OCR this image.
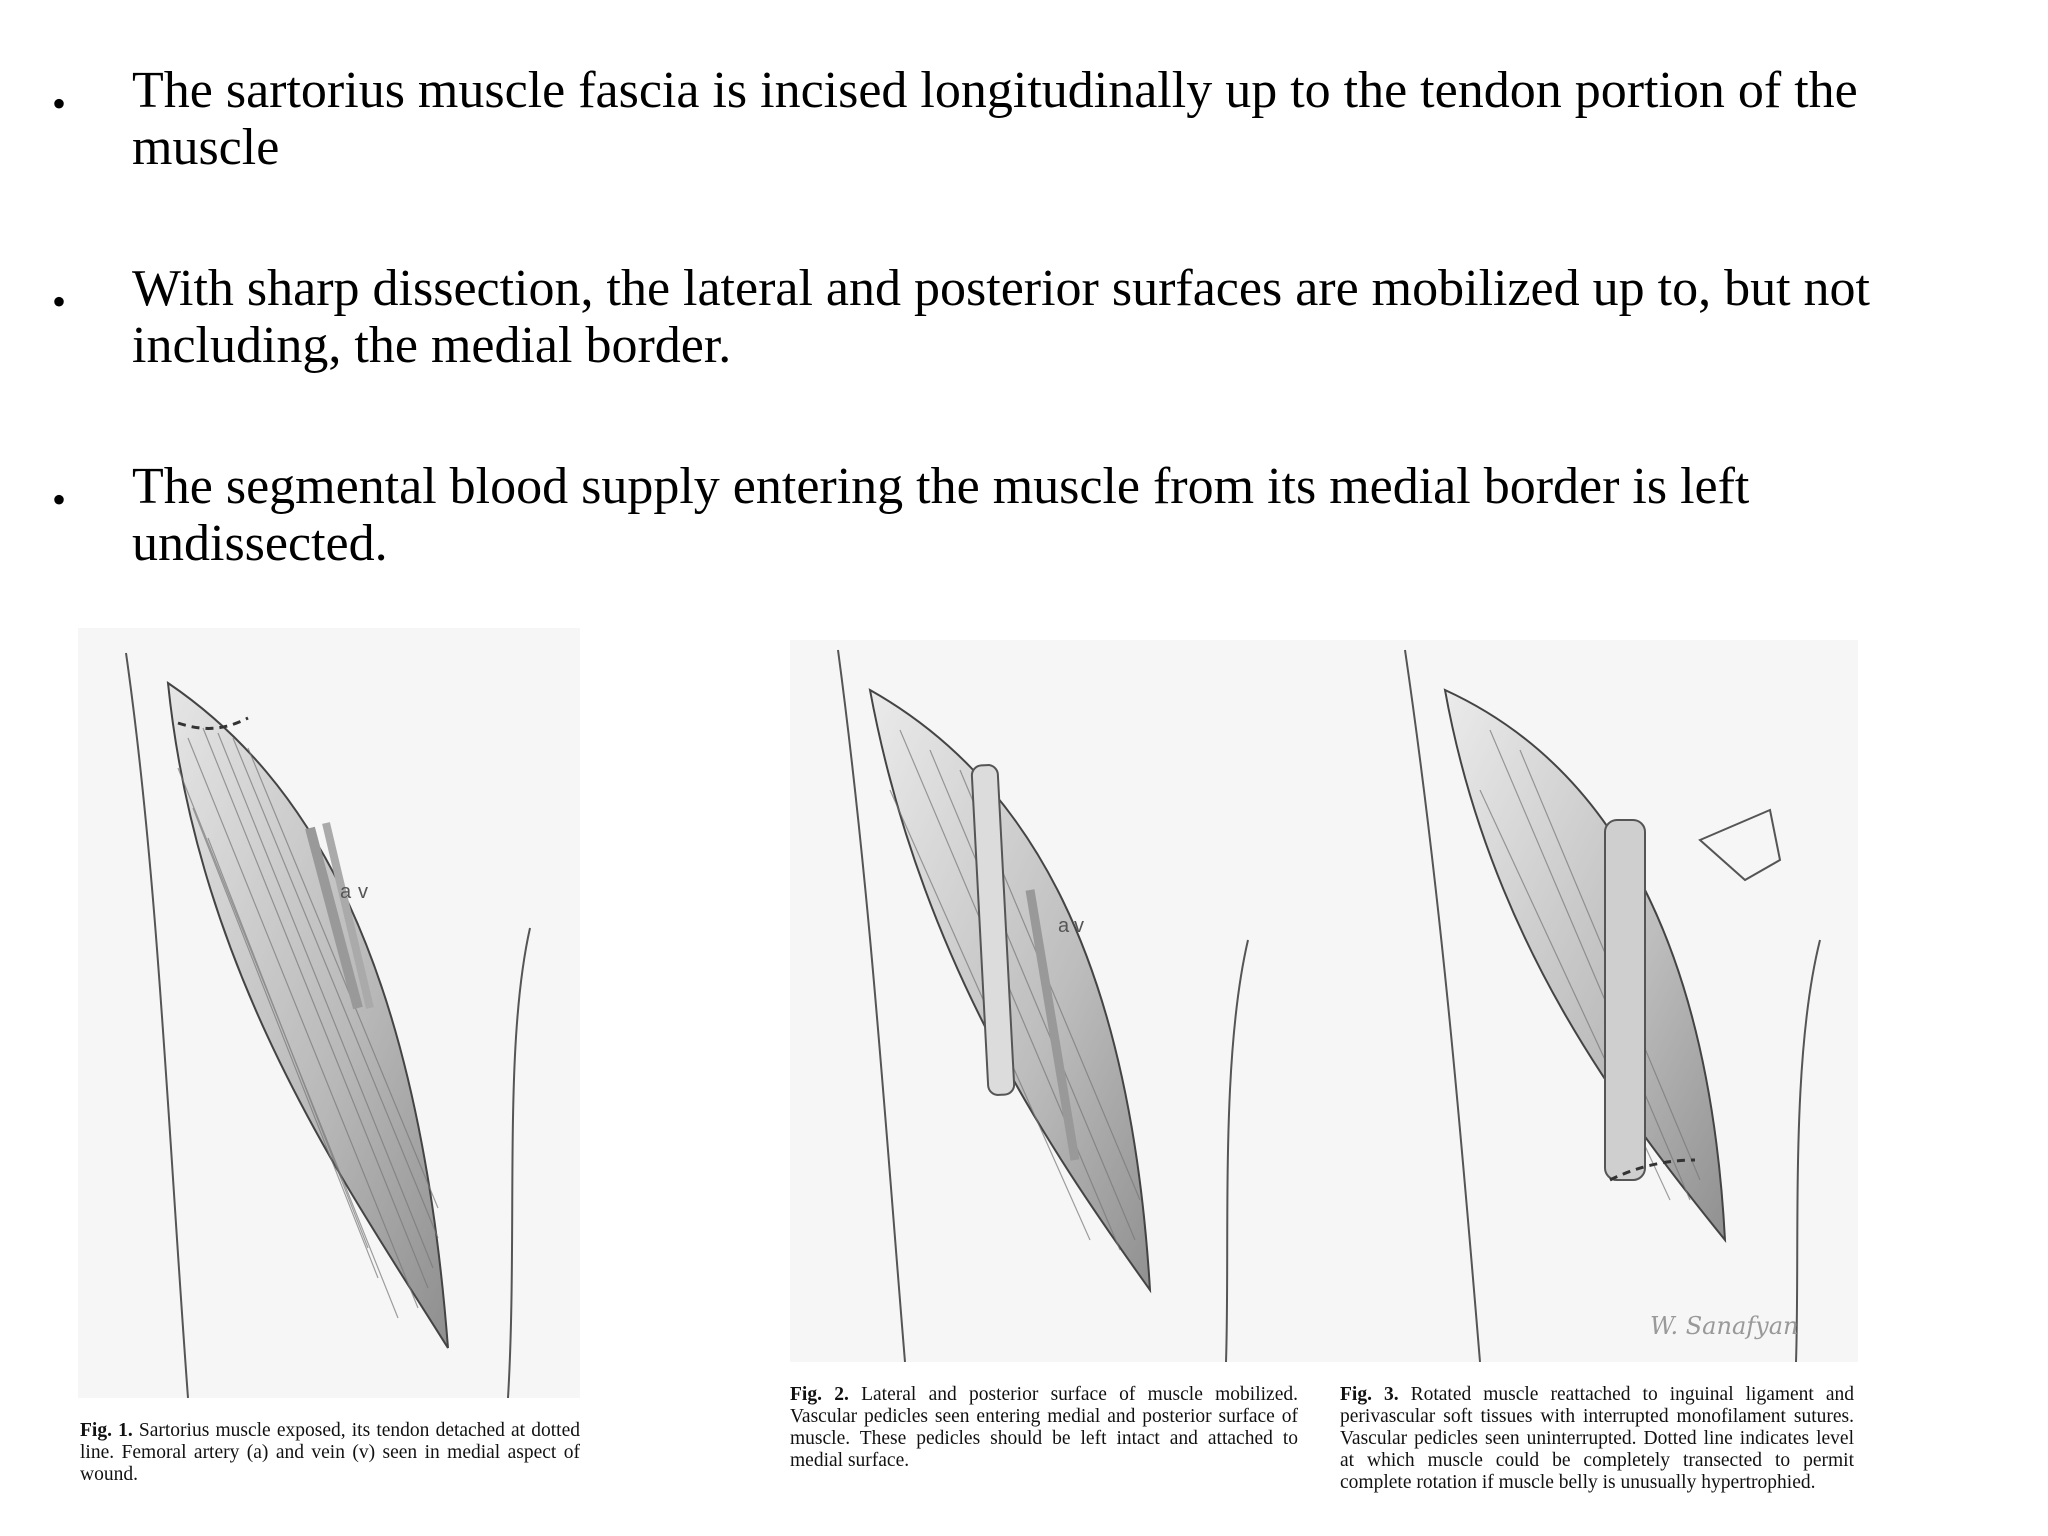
• The sartorius muscle fascia is incised longitudinally up to the tendon portion of the muscle
• With sharp dissection, the lateral and posterior surfaces are mobilized up to, but not including, the medial border.
• The segmental blood supply entering the muscle from its medial border is left undissected.
a v
a v
W. Sanafyan
Fig. 1. Sartorius muscle exposed, its tendon detached at dotted line. Femoral artery (a) and vein (v) seen in medial aspect of wound.
Fig. 2. Lateral and posterior surface of muscle mobilized. Vascular pedicles seen entering medial and posterior surface of muscle. These pedicles should be left intact and attached to medial surface.
Fig. 3. Rotated muscle reattached to inguinal ligament and perivascular soft tissues with interrupted monofilament sutures. Vascular pedicles seen uninterrupted. Dotted line indicates level at which muscle could be completely transected to permit complete rotation if muscle belly is unusually hypertrophied.
